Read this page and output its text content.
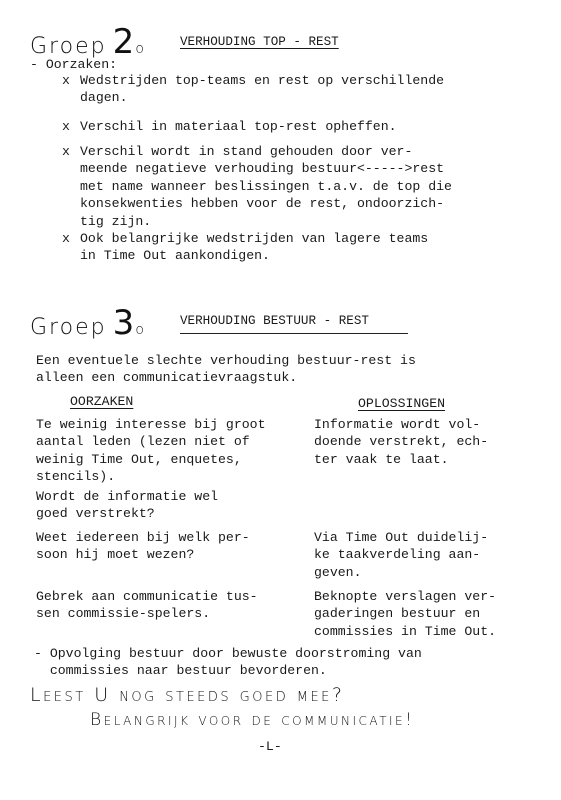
Groep 2o	VERHOUDING TOP - REST
- Oorzaken:
x Wedstrijden top-teams en rest op verschillende
dagen.
x Verschil in materiaal top-rest opheffen.
x Verschil wordt in stand gehouden door ver-
meende negatieve verhouding bestuur<----->rest
met name wanneer beslissingen t.a.v. de top die
konsekwenties hebben voor de rest, ondoorzich-
tig zijn.
x Ook belangrijke wedstrijden van lagere teams
in Time Out aankondigen.
Groep 3o
VERHOUDING BESTUUR - REST
Een eventuele slechte verhouding bestuur-rest is
alleen een communicatievraagstuk.
OORZAKEN	OPLOSSINGEN
Te weinig interesse bij groot
aantal leden (lezen niet of
weinig Time Out, enquetes,
stencils).
Informatie wordt vol-
doende verstrekt, ech-
ter vaak te laat.
Wordt de informatie wel
goed verstrekt?
Weet iedereen bij welk per-
soon hij moet wezen?
Via Time Out duidelij-
ke taakverdeling aan-
geven.
Gebrek aan communicatie tus-
sen commissie-spelers.
Beknopte verslagen ver-
gaderingen bestuur en
commissies in Time Out.
- Opvolging bestuur door bewuste doorstroming van
commissies naar bestuur bevorderen.
Leest U nog steeds goed mee?
Belangrijk voor de communicatie!
-L-
